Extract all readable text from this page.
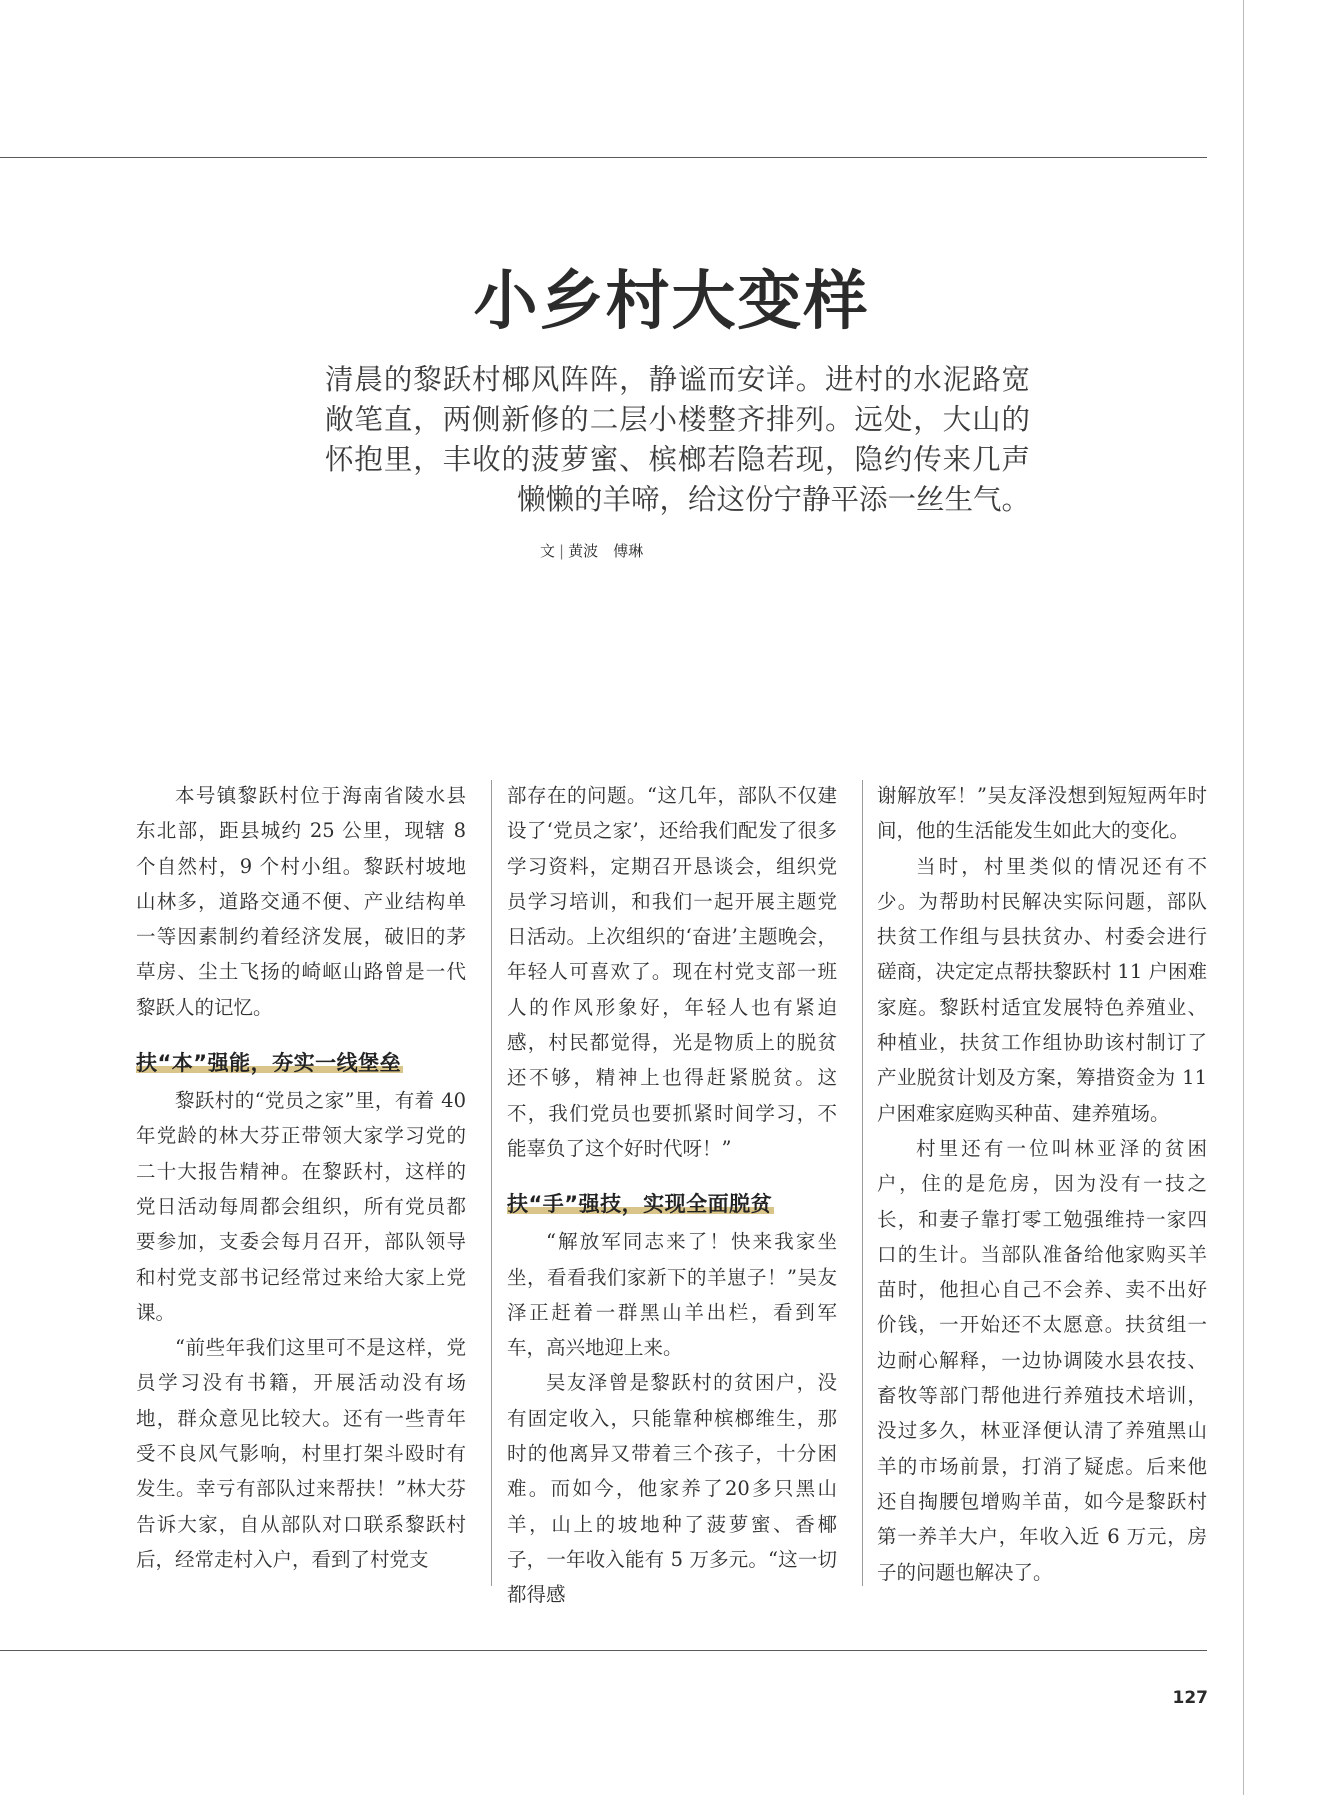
小乡村大变样
清晨的黎跃村椰风阵阵，静谧而安详。进村的水泥路宽敞笔直，两侧新修的二层小楼整齐排列。远处，大山的怀抱里，丰收的菠萝蜜、槟榔若隐若现，隐约传来几声懒懒的羊啼，给这份宁静平添一丝生气。
文 | 黄波　傅琳

本号镇黎跃村位于海南省陵水县东北部，距县城约 25 公里，现辖 8 个自然村，9 个村小组。黎跃村坡地山林多，道路交通不便、产业结构单一等因素制约着经济发展，破旧的茅草房、尘土飞扬的崎岖山路曾是一代黎跃人的记忆。

扶“本”强能，夯实一线堡垒

黎跃村的“党员之家”里，有着 40 年党龄的林大芬正带领大家学习党的二十大报告精神。在黎跃村，这样的党日活动每周都会组织，所有党员都要参加，支委会每月召开，部队领导和村党支部书记经常过来给大家上党课。

“前些年我们这里可不是这样，党员学习没有书籍，开展活动没有场地，群众意见比较大。还有一些青年受不良风气影响，村里打架斗殴时有发生。幸亏有部队过来帮扶！”林大芬告诉大家，自从部队对口联系黎跃村后，经常走村入户，看到了村党支

部存在的问题。“这几年，部队不仅建设了‘党员之家’，还给我们配发了很多学习资料，定期召开恳谈会，组织党员学习培训，和我们一起开展主题党日活动。上次组织的‘奋进’主题晚会，年轻人可喜欢了。现在村党支部一班人的作风形象好，年轻人也有紧迫感，村民都觉得，光是物质上的脱贫还不够，精神上也得赶紧脱贫。这不，我们党员也要抓紧时间学习，不能辜负了这个好时代呀！”

扶“手”强技，实现全面脱贫

“解放军同志来了！快来我家坐坐，看看我们家新下的羊崽子！”吴友泽正赶着一群黑山羊出栏，看到军车，高兴地迎上来。

吴友泽曾是黎跃村的贫困户，没有固定收入，只能靠种槟榔维生，那时的他离异又带着三个孩子，十分困难。而如今，他家养了20多只黑山羊，山上的坡地种了菠萝蜜、香椰子，一年收入能有 5 万多元。“这一切都得感

谢解放军！”吴友泽没想到短短两年时间，他的生活能发生如此大的变化。

当时，村里类似的情况还有不少。为帮助村民解决实际问题，部队扶贫工作组与县扶贫办、村委会进行磋商，决定定点帮扶黎跃村 11 户困难家庭。黎跃村适宜发展特色养殖业、种植业，扶贫工作组协助该村制订了产业脱贫计划及方案，筹措资金为 11 户困难家庭购买种苗、建养殖场。

村里还有一位叫林亚泽的贫困户，住的是危房，因为没有一技之长，和妻子靠打零工勉强维持一家四口的生计。当部队准备给他家购买羊苗时，他担心自己不会养、卖不出好价钱，一开始还不太愿意。扶贫组一边耐心解释，一边协调陵水县农技、畜牧等部门帮他进行养殖技术培训，没过多久，林亚泽便认清了养殖黑山羊的市场前景，打消了疑虑。后来他还自掏腰包增购羊苗，如今是黎跃村第一养羊大户，年收入近 6 万元，房子的问题也解决了。

127
